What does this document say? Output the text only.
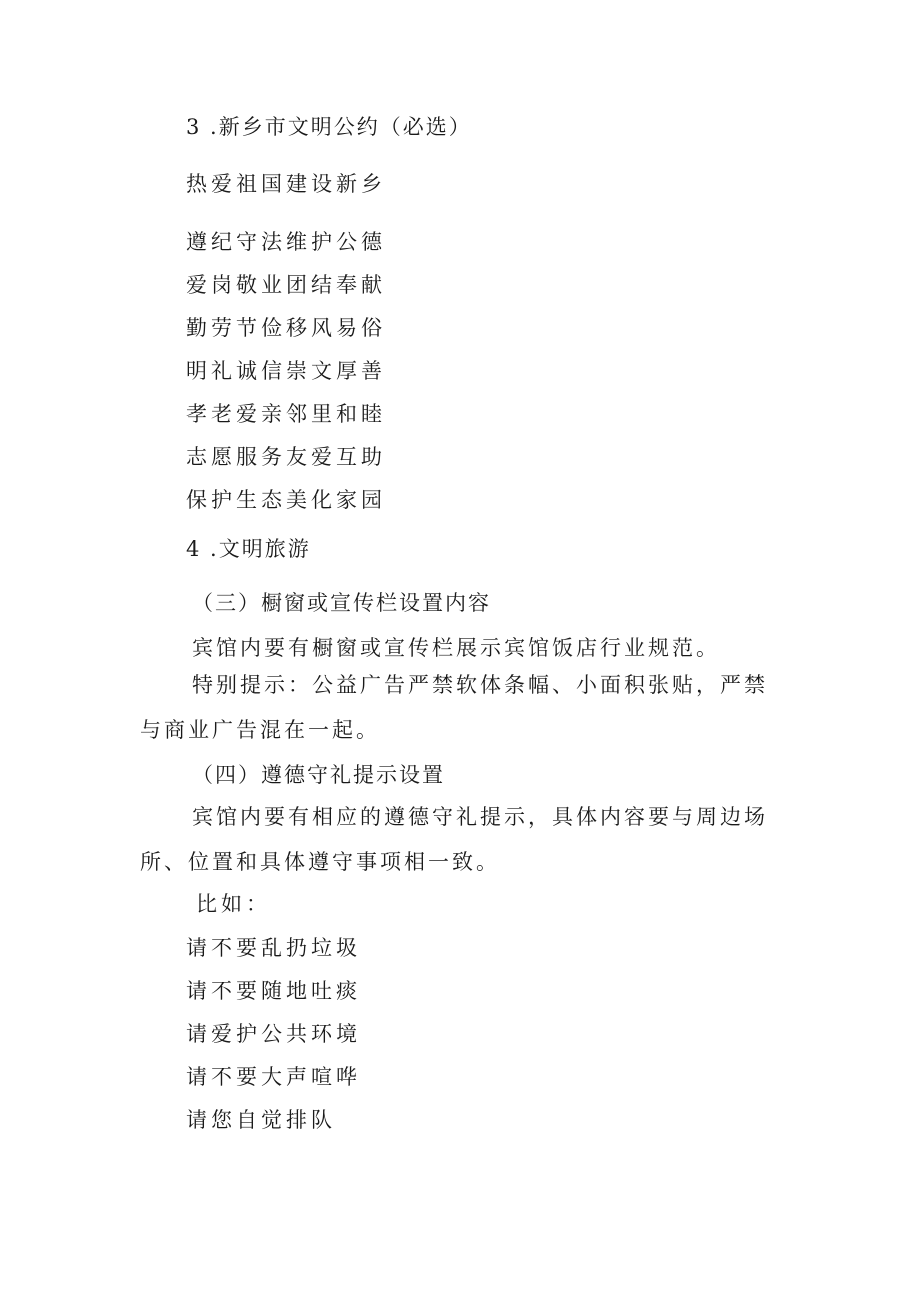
3 .新乡市文明公约（必选）
热爱祖国建设新乡
遵纪守法维护公德
爱岗敬业团结奉献
勤劳节俭移风易俗
明礼诚信崇文厚善
孝老爱亲邻里和睦
志愿服务友爱互助
保护生态美化家园
4 .文明旅游
（三）橱窗或宣传栏设置内容
宾馆内要有橱窗或宣传栏展示宾馆饭店行业规范。
特别提示：公益广告严禁软体条幅、小面积张贴，严禁与商业广告混在一起。
（四）遵德守礼提示设置
宾馆内要有相应的遵德守礼提示，具体内容要与周边场所、位置和具体遵守事项相一致。
比如：
请不要乱扔垃圾
请不要随地吐痰
请爱护公共环境
请不要大声喧哗
请您自觉排队
